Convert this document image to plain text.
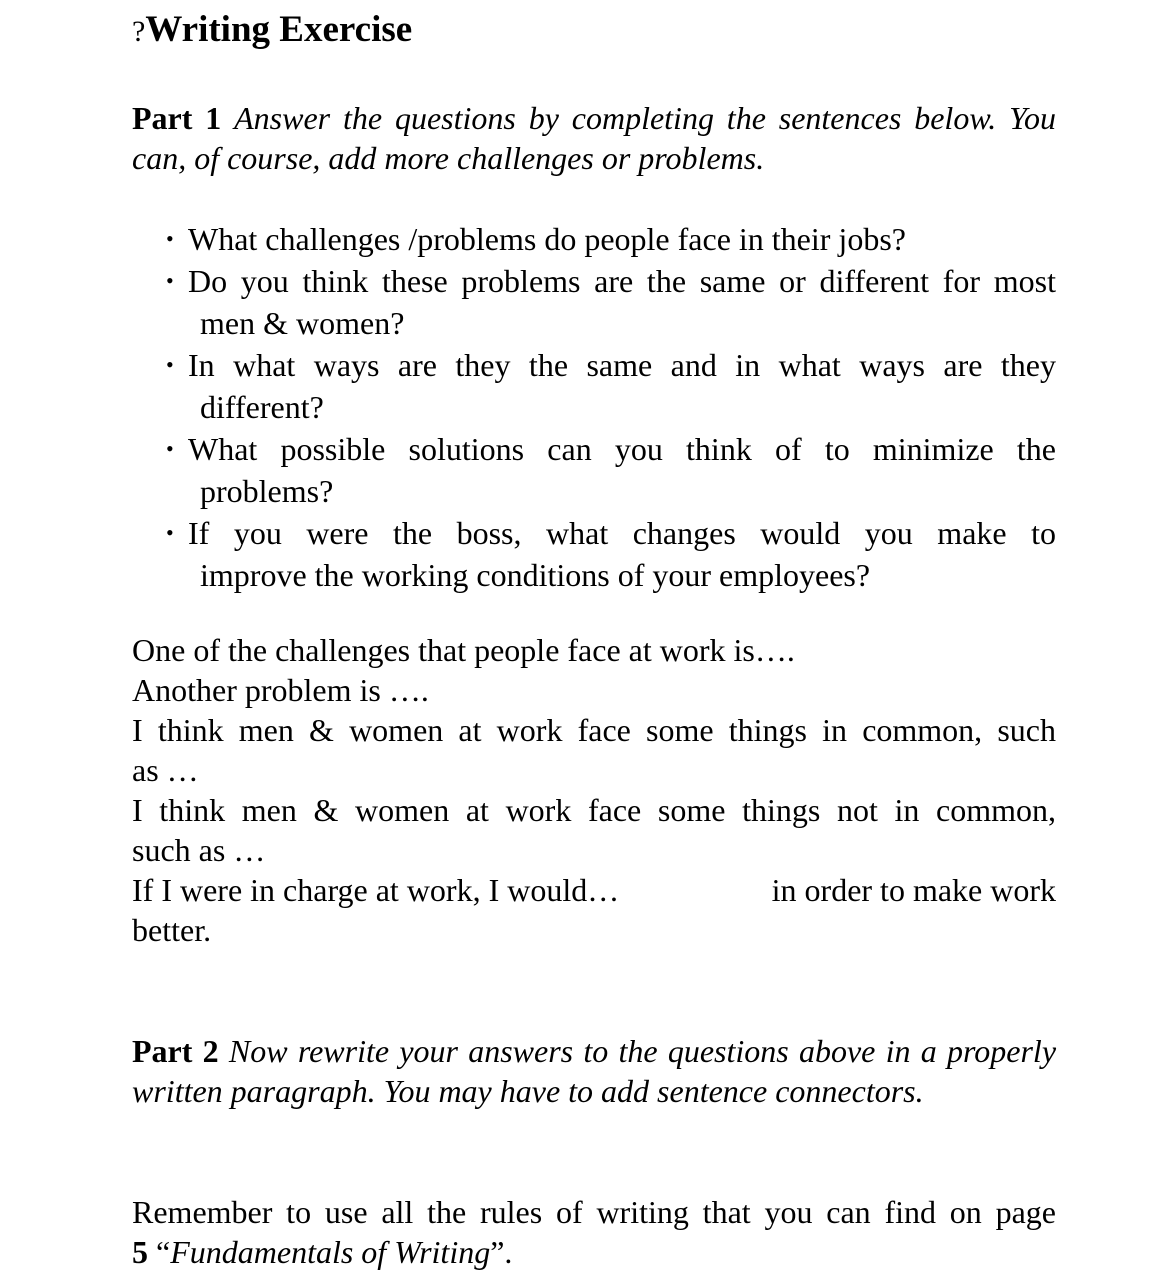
?Writing Exercise
Part 1 Answer the questions by completing the sentences below. You can, of course, add more challenges or problems.
• What challenges /problems do people face in their jobs?
• Do you think these problems are the same or different for most
men & women?
• In what ways are they the same and in what ways are they
different?
• What possible solutions can you think of to minimize the
problems?
• If you were the boss, what changes would you make to
improve the working conditions of your employees?
One of the challenges that people face at work is….
Another problem is ….
I think men & women at work face some things in common, such
as …
I think men & women at work face some things not in common,
such as …
If I were in charge at work, I would…	in order to make work
better.
Part 2 Now rewrite your answers to the questions above in a properly written paragraph. You may have to add sentence connectors.
Remember to use all the rules of writing that you can find on page
5 “Fundamentals of Writing”.
